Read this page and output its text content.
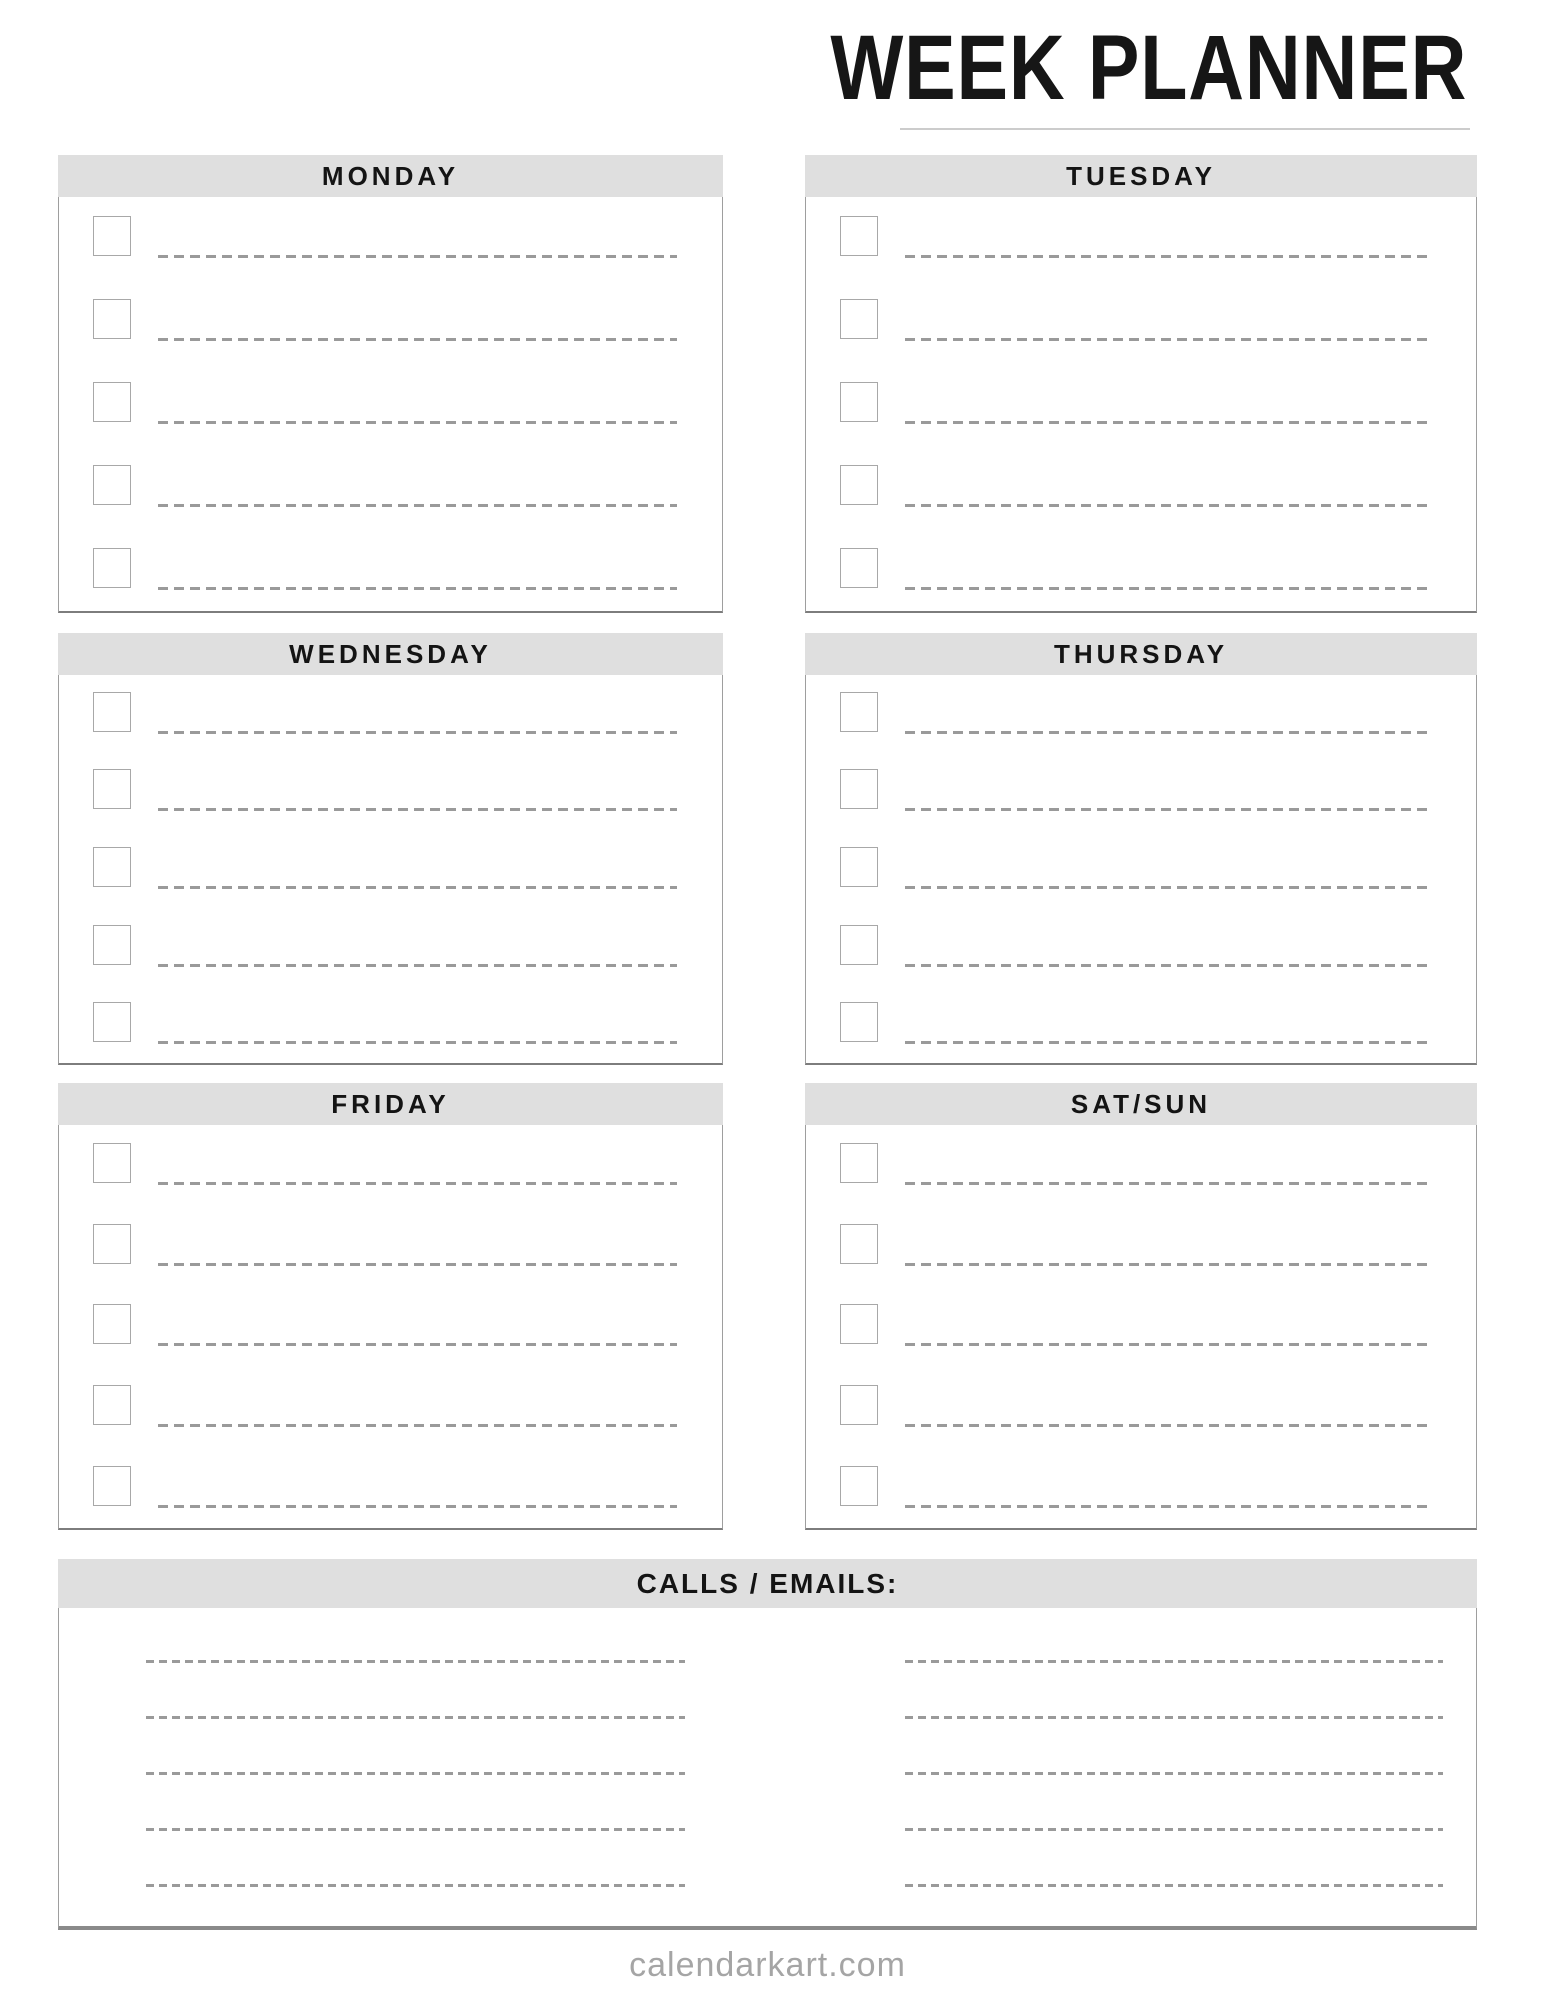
WEEK PLANNER
MONDAY	TUESDAY
WEDNESDAY	THURSDAY
FRIDAY	SAT/SUN
CALLS / EMAILS:
calendarkart.com
